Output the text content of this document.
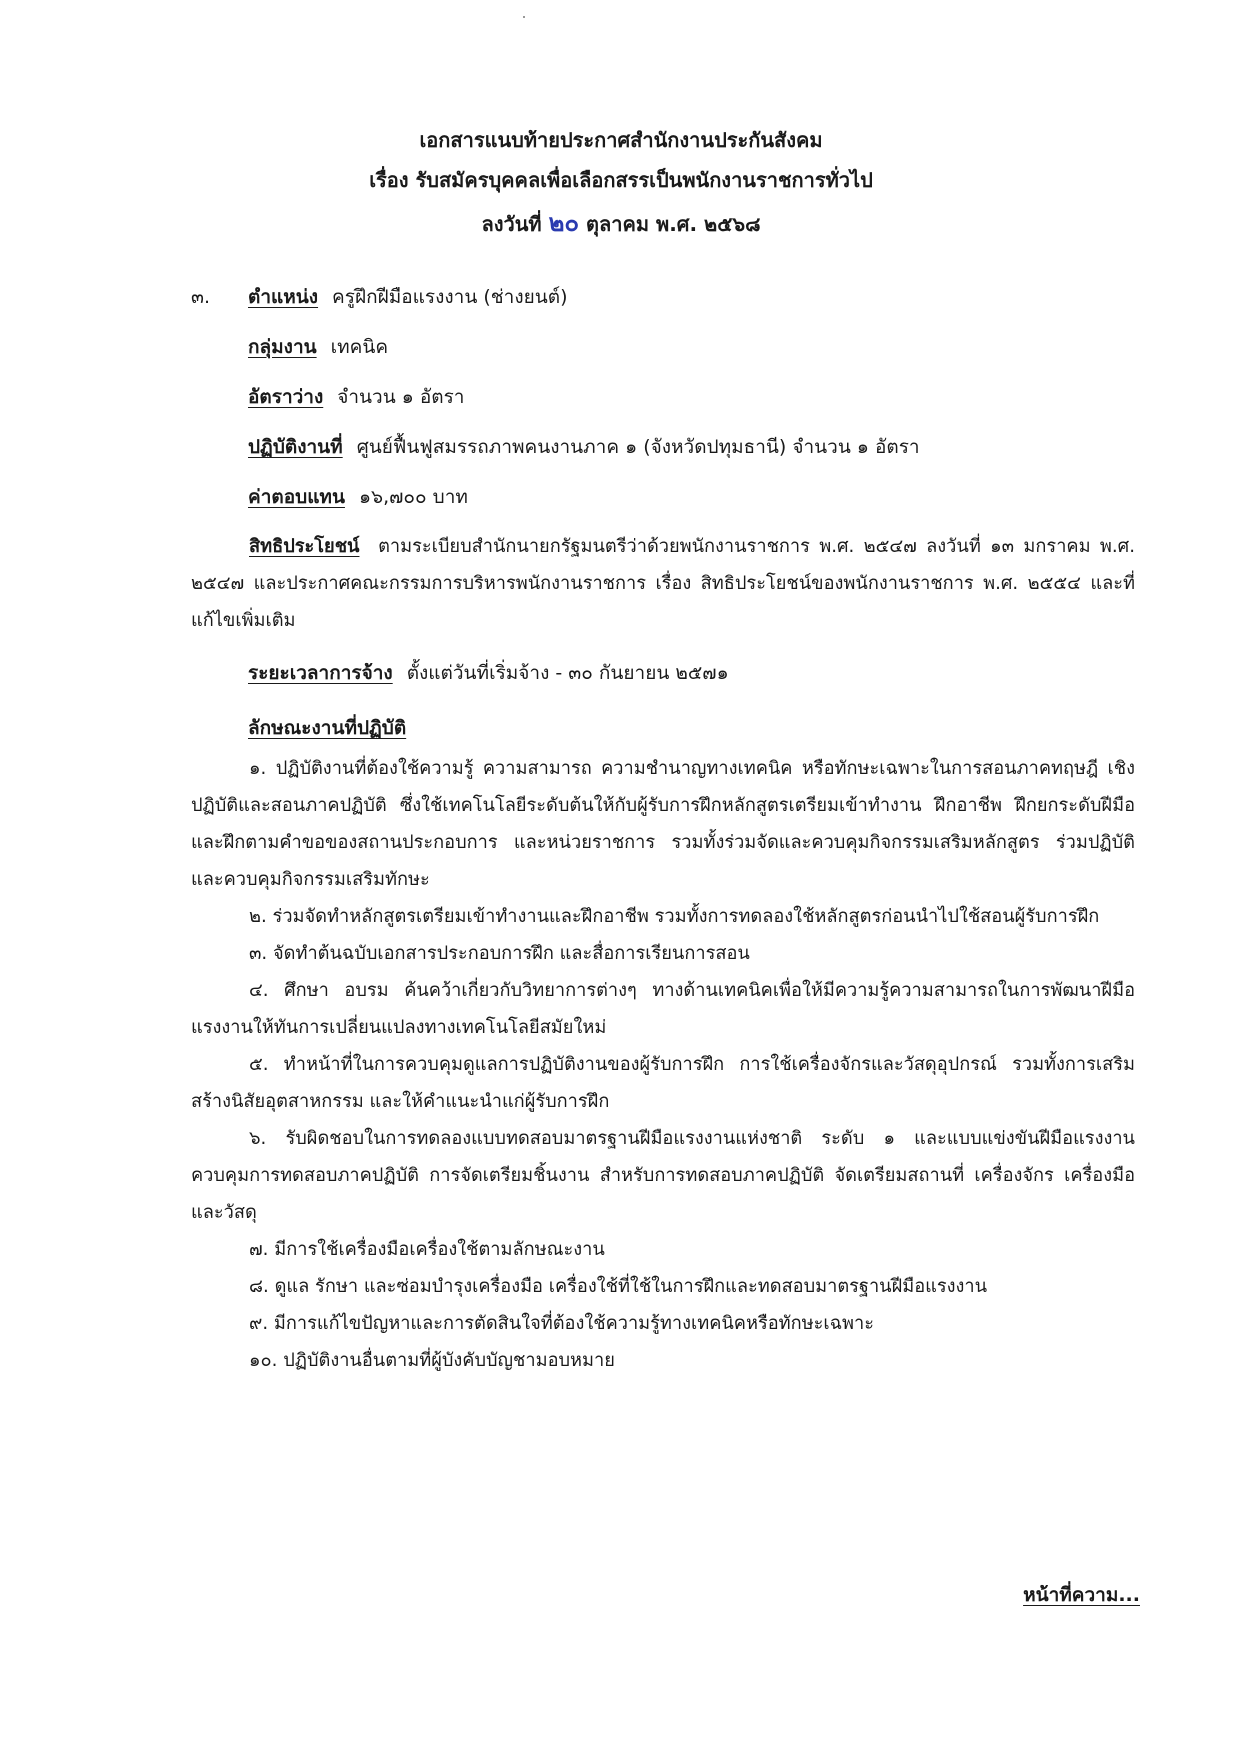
เอกสารแนบท้ายประกาศสำนักงานประกันสังคม
เรื่อง รับสมัครบุคคลเพื่อเลือกสรรเป็นพนักงานราชการทั่วไป
ลงวันที่ ๒๐ ตุลาคม พ.ศ. ๒๕๖๘
๓. ตำแหน่ง ครูฝึกฝีมือแรงงาน (ช่างยนต์)
กลุ่มงาน เทคนิค
อัตราว่าง จำนวน ๑ อัตรา
ปฏิบัติงานที่ ศูนย์ฟื้นฟูสมรรถภาพคนงานภาค ๑ (จังหวัดปทุมธานี) จำนวน ๑ อัตรา
ค่าตอบแทน ๑๖,๗๐๐ บาท

สิทธิประโยชน์ ตามระเบียบสำนักนายกรัฐมนตรีว่าด้วยพนักงานราชการ พ.ศ. ๒๕๔๗ ลงวันที่ ๑๓ มกราคม พ.ศ. ๒๕๔๗ และประกาศคณะกรรมการบริหารพนักงานราชการ เรื่อง สิทธิประโยชน์ของพนักงานราชการ พ.ศ. ๒๕๕๔ และที่แก้ไขเพิ่มเติม

ระยะเวลาการจ้าง ตั้งแต่วันที่เริ่มจ้าง - ๓๐ กันยายน ๒๕๗๑
ลักษณะงานที่ปฏิบัติ

๑. ปฏิบัติงานที่ต้องใช้ความรู้ ความสามารถ ความชำนาญทางเทคนิค หรือทักษะเฉพาะในการสอนภาคทฤษฎี เชิงปฏิบัติและสอนภาคปฏิบัติ ซึ่งใช้เทคโนโลยีระดับต้นให้กับผู้รับการฝึกหลักสูตรเตรียมเข้าทำงาน ฝึกอาชีพ ฝึกยกระดับฝีมือ และฝึกตามคำขอของสถานประกอบการ และหน่วยราชการ รวมทั้งร่วมจัดและควบคุมกิจกรรมเสริมหลักสูตร ร่วมปฏิบัติและควบคุมกิจกรรมเสริมทักษะ

๒. ร่วมจัดทำหลักสูตรเตรียมเข้าทำงานและฝึกอาชีพ รวมทั้งการทดลองใช้หลักสูตรก่อนนำไปใช้สอนผู้รับการฝึก

๓. จัดทำต้นฉบับเอกสารประกอบการฝึก และสื่อการเรียนการสอน

๔. ศึกษา อบรม ค้นคว้าเกี่ยวกับวิทยาการต่างๆ ทางด้านเทคนิคเพื่อให้มีความรู้ความสามารถในการพัฒนาฝีมือแรงงานให้ทันการเปลี่ยนแปลงทางเทคโนโลยีสมัยใหม่

๕. ทำหน้าที่ในการควบคุมดูแลการปฏิบัติงานของผู้รับการฝึก การใช้เครื่องจักรและวัสดุอุปกรณ์ รวมทั้งการเสริมสร้างนิสัยอุตสาหกรรม และให้คำแนะนำแก่ผู้รับการฝึก

๖. รับผิดชอบในการทดลองแบบทดสอบมาตรฐานฝีมือแรงงานแห่งชาติ ระดับ ๑ และแบบแข่งขันฝีมือแรงงาน ควบคุมการทดสอบภาคปฏิบัติ การจัดเตรียมชิ้นงาน สำหรับการทดสอบภาคปฏิบัติ จัดเตรียมสถานที่ เครื่องจักร เครื่องมือและวัสดุ

๗. มีการใช้เครื่องมือเครื่องใช้ตามลักษณะงาน

๘. ดูแล รักษา และซ่อมบำรุงเครื่องมือ เครื่องใช้ที่ใช้ในการฝึกและทดสอบมาตรฐานฝีมือแรงงาน

๙. มีการแก้ไขปัญหาและการตัดสินใจที่ต้องใช้ความรู้ทางเทคนิคหรือทักษะเฉพาะ

๑๐. ปฏิบัติงานอื่นตามที่ผู้บังคับบัญชามอบหมาย

หน้าที่ความ...
